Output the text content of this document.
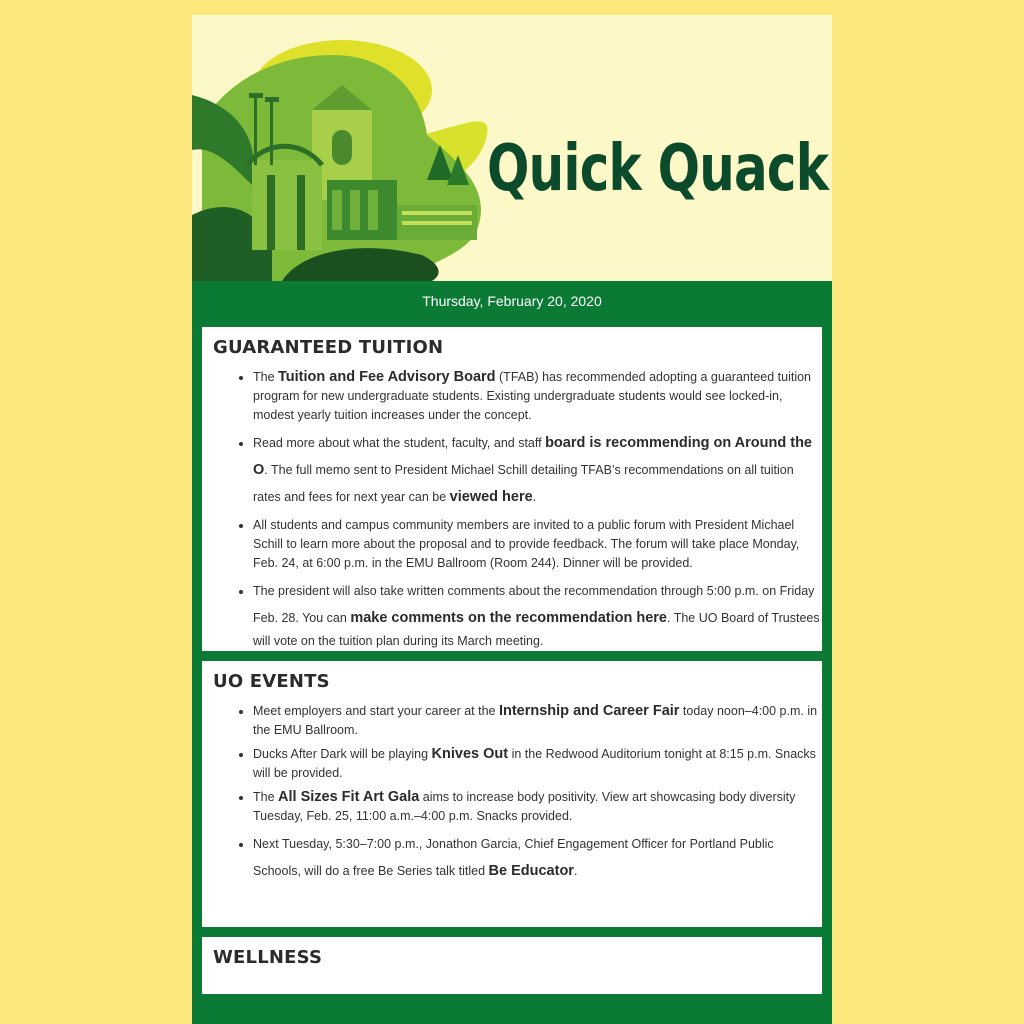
Quick Quack
Thursday, February 20, 2020
GUARANTEED TUITION
• The Tuition and Fee Advisory Board (TFAB) has recommended adopting a guaranteed tuition program for new undergraduate students. Existing undergraduate students would see locked-in, modest yearly tuition increases under the concept.
• Read more about what the student, faculty, and staff board is recommending on Around the O. The full memo sent to President Michael Schill detailing TFAB’s recommendations on all tuition rates and fees for next year can be viewed here.
• All students and campus community members are invited to a public forum with President Michael Schill to learn more about the proposal and to provide feedback. The forum will take place Monday, Feb. 24, at 6:00 p.m. in the EMU Ballroom (Room 244). Dinner will be provided.
• The president will also take written comments about the recommendation through 5:00 p.m. on Friday Feb. 28. You can make comments on the recommendation here. The UO Board of Trustees will vote on the tuition plan during its March meeting.
UO EVENTS
• Meet employers and start your career at the Internship and Career Fair today noon–4:00 p.m. in the EMU Ballroom.
• Ducks After Dark will be playing Knives Out in the Redwood Auditorium tonight at 8:15 p.m. Snacks will be provided.
• The All Sizes Fit Art Gala aims to increase body positivity. View art showcasing body diversity Tuesday, Feb. 25, 11:00 a.m.–4:00 p.m. Snacks provided.
• Next Tuesday, 5:30–7:00 p.m., Jonathon Garcia, Chief Engagement Officer for Portland Public Schools, will do a free Be Series talk titled Be Educator.
WELLNESS
